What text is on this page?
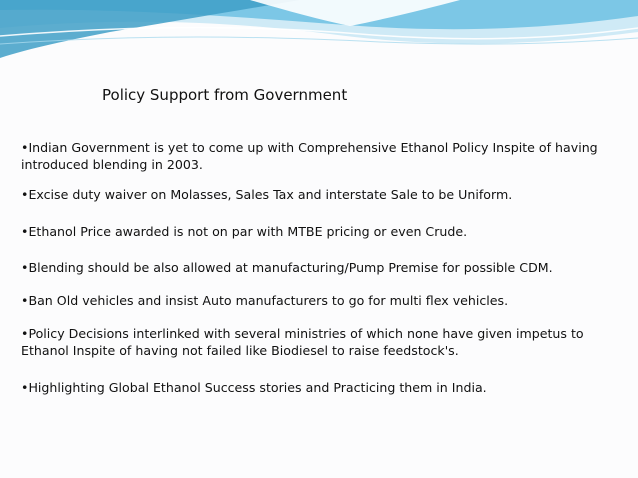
Policy Support from Government
• Indian Government is yet to come up with Comprehensive Ethanol Policy Inspite of having introduced blending in 2003.
• Excise duty waiver on Molasses, Sales Tax and interstate Sale to be Uniform.
• Ethanol Price awarded is not on par with MTBE pricing or even Crude.
• Blending should be also allowed at manufacturing/Pump Premise for possible CDM.
• Ban Old vehicles and insist Auto manufacturers to go for multi flex vehicles.
• Policy Decisions interlinked with several ministries of which none have given impetus to Ethanol Inspite of having not failed like Biodiesel to raise feedstock's.
• Highlighting Global Ethanol Success stories and Practicing them in India.
